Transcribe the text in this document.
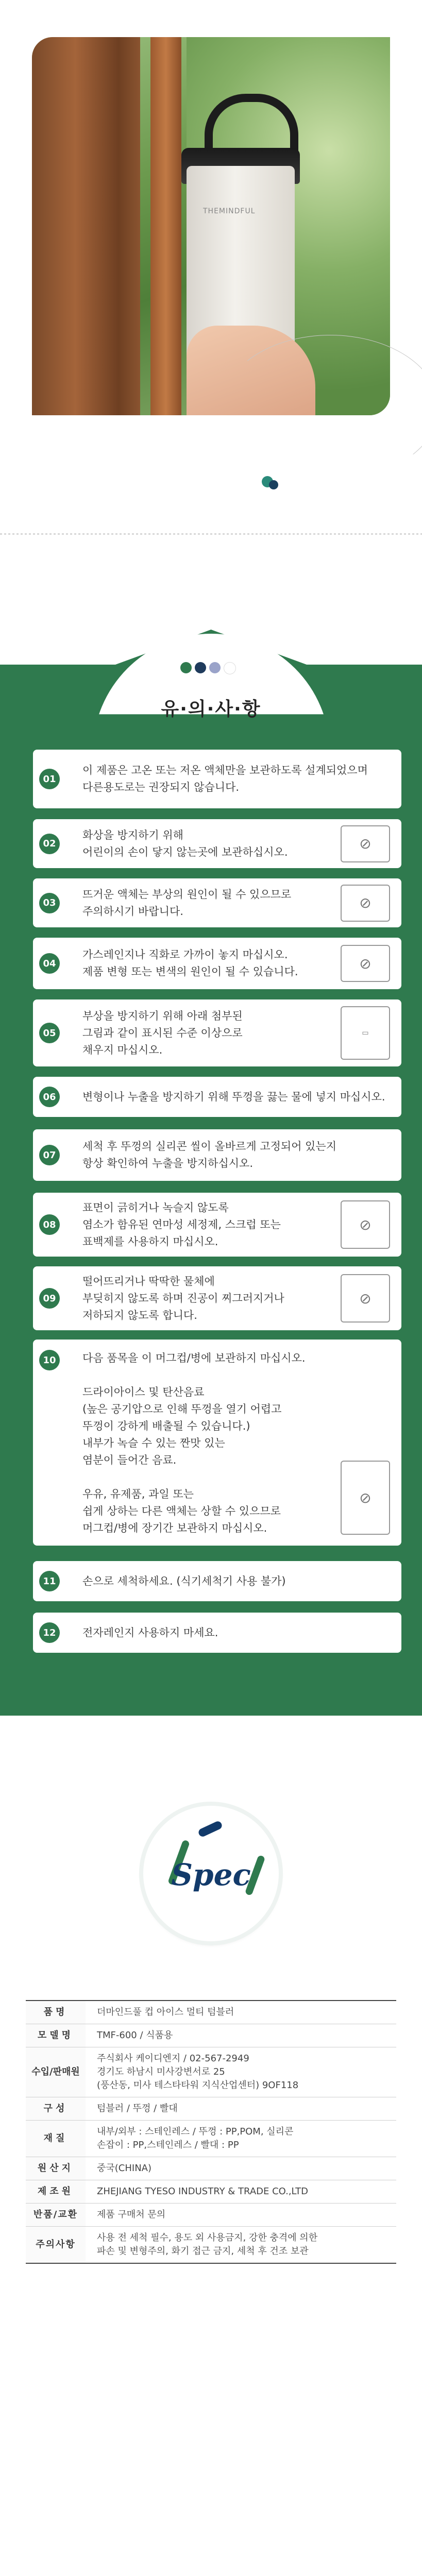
THEMINDFUL
유·의·사·항
01
이 제품은 고온 또는 저온 액체만을 보관하도록 설계되었으며
다른용도로는 권장되지 않습니다.
02
화상을 방지하기 위해
어린이의 손이 닿지 않는곳에 보관하십시오.	⊘
03
뜨거운 액체는 부상의 원인이 될 수 있으므로
주의하시기 바랍니다.	⊘
04
가스레인지나 직화로 가까이 놓지 마십시오.
제품 변형 또는 변색의 원인이 될 수 있습니다.	⊘
05
부상을 방지하기 위해 아래 첨부된
그림과 같이 표시된 수준 이상으로
채우지 마십시오.
▭
06	변형이나 누출을 방지하기 위해 뚜껑을 끓는 물에 넣지 마십시오.
07
세척 후 뚜껑의 실리콘 씰이 올바르게 고정되어 있는지
항상 확인하여 누출을 방지하십시오.
08
표면이 긁히거나 녹슬지 않도록
염소가 함유된 연마성 세정제, 스크럽 또는
표백제를 사용하지 마십시오.
⊘
09
떨어뜨리거나 딱딱한 물체에
부딪히지 않도록 하며 진공이 찌그러지거나
저하되지 않도록 합니다.
⊘
10	다음 품목을 이 머그컵/병에 보관하지 마십시오.

드라이아이스 및 탄산음료
(높은 공기압으로 인해 뚜껑을 열기 어렵고
뚜껑이 강하게 배출될 수 있습니다.)
내부가 녹슬 수 있는 짠맛 있는
염분이 들어간 음료.

우유, 유제품, 과일 또는
쉽게 상하는 다른 액체는 상할 수 있으므로
머그컵/병에 장기간 보관하지 마십시오.
⊘
11	손으로 세척하세요. (식기세척기 사용 불가)
12	전자레인지 사용하지 마세요.
Spec
품명	더마인드풀 컵 아이스 멀티 텀블러
모델명	TMF-600 / 식품용
수입/판매원	주식회사 케이디엔지 / 02-567-2949
경기도 하남시 미사강변서로 25
(풍산동, 미사 테스타타워 지식산업센터) 9OF118
구성	텀블러 / 뚜껑 / 빨대
재질	내부/외부 : 스테인레스 / 뚜껑 : PP,POM, 실리콘
손잡이 : PP,스테인레스 / 빨대 : PP
원산지	중국(CHINA)
제조원	ZHEJIANG TYESO INDUSTRY & TRADE CO.,LTD
반품/교환	제품 구매처 문의
주의사항	사용 전 세척 필수, 용도 외 사용금지, 강한 충격에 의한
파손 및 변형주의, 화기 접근 금지, 세척 후 건조 보관
